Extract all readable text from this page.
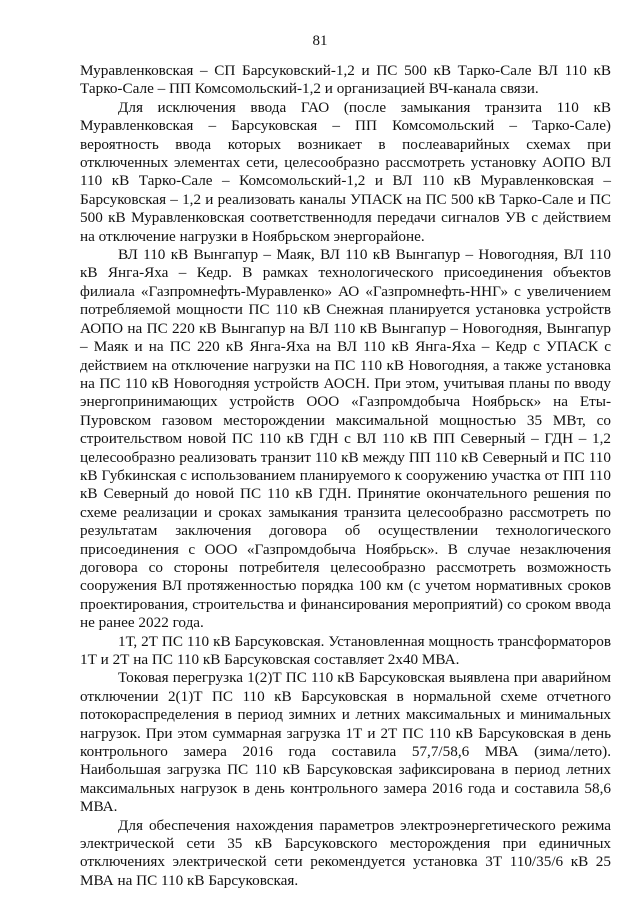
81

Муравленковская – СП Барсуковский-1,2 и ПС 500 кВ Тарко-Сале ВЛ 110 кВ Тарко-Сале – ПП Комсомольский-1,2 и организацией ВЧ-канала связи.

Для исключения ввода ГАО (после замыкания транзита 110 кВ Муравленковская – Барсуковская – ПП Комсомольский – Тарко-Сале) вероятность ввода которых возникает в послеаварийных схемах при отключенных элементах сети, целесообразно рассмотреть установку АОПО ВЛ 110 кВ Тарко-Сале – Комсомольский-1,2 и ВЛ 110 кВ Муравленковская – Барсуковская – 1,2 и реализовать каналы УПАСК на ПС 500 кВ Тарко-Сале и ПС 500 кВ Муравленковская соответственнодля передачи сигналов УВ с действием на отключение нагрузки в Ноябрьском энергорайоне.

ВЛ 110 кВ Вынгапур – Маяк, ВЛ 110 кВ Вынгапур – Новогодняя, ВЛ 110 кВ Янга-Яха – Кедр. В рамках технологического присоединения объектов филиала «Газпромнефть-Муравленко» АО «Газпромнефть-ННГ» с увеличением потребляемой мощности ПС 110 кВ Снежная планируется установка устройств АОПО на ПС 220 кВ Вынгапур на ВЛ 110 кВ Вынгапур – Новогодняя, Вынгапур – Маяк и на ПС 220 кВ Янга-Яха на ВЛ 110 кВ Янга-Яха – Кедр с УПАСК с действием на отключение нагрузки на ПС 110 кВ Новогодняя, а также установка на ПС 110 кВ Новогодняя устройств АОСН. При этом, учитывая планы по вводу энергопринимающих устройств ООО «Газпромдобыча Ноябрьск» на Еты-Пуровском газовом месторождении максимальной мощностью 35 МВт, со строительством новой ПС 110 кВ ГДН с ВЛ 110 кВ ПП Северный – ГДН – 1,2 целесообразно реализовать транзит 110 кВ между ПП 110 кВ Северный и ПС 110 кВ Губкинская с использованием планируемого к сооружению участка от ПП 110 кВ Северный до новой ПС 110 кВ ГДН. Принятие окончательного решения по схеме реализации и сроках замыкания транзита целесообразно рассмотреть по результатам заключения договора об осуществлении технологического присоединения с ООО «Газпромдобыча Ноябрьск». В случае незаключения договора со стороны потребителя целесообразно рассмотреть возможность сооружения ВЛ протяженностью порядка 100 км (с учетом нормативных сроков проектирования, строительства и финансирования мероприятий) со сроком ввода не ранее 2022 года.

1Т, 2Т ПС 110 кВ Барсуковская. Установленная мощность трансформаторов 1Т и 2Т на ПС 110 кВ Барсуковская составляет 2х40 МВА.

Токовая перегрузка 1(2)Т ПС 110 кВ Барсуковская выявлена при аварийном отключении 2(1)Т ПС 110 кВ Барсуковская в нормальной схеме отчетного потокораспределения в период зимних и летних максимальных и минимальных нагрузок. При этом суммарная загрузка 1Т и 2Т ПС 110 кВ Барсуковская в день контрольного замера 2016 года составила 57,7/58,6 МВА (зима/лето). Наибольшая загрузка ПС 110 кВ Барсуковская зафиксирована в период летних максимальных нагрузок в день контрольного замера 2016 года и составила 58,6 МВА.

Для обеспечения нахождения параметров электроэнергетического режима электрической сети 35 кВ Барсуковского месторождения при единичных отключениях электрической сети рекомендуется установка 3Т 110/35/6 кВ 25 МВА на ПС 110 кВ Барсуковская.
